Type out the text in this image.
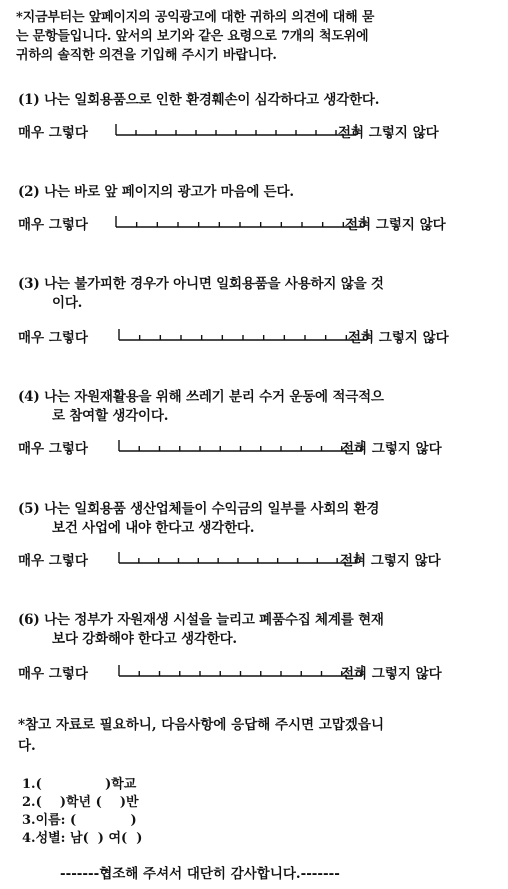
*지금부터는 앞페이지의 공익광고에 대한 귀하의 의견에 대해 묻
는 문항들입니다. 앞서의 보기와 같은 요령으로 7개의 척도위에
귀하의 솔직한 의견을 기입해 주시기 바랍니다.
(1) 나는 일회용품으로 인한 환경훼손이 심각하다고 생각한다.
매우 그렇다	전혀 그렇지 않다
(2) 나는 바로 앞 페이지의 광고가 마음에 든다.
매우 그렇다	전혀 그렇지 않다
(3) 나는 불가피한 경우가 아니면 일회용품을 사용하지 않을 것
이다.
매우 그렇다	전혀 그렇지 않다
(4) 나는 자원재활용을 위해 쓰레기 분리 수거 운동에 적극적으
로 참여할 생각이다.
매우 그렇다	전혀 그렇지 않다
(5) 나는 일회용품 생산업체들이 수익금의 일부를 사회의 환경
보건 사업에 내야 한다고 생각한다.
매우 그렇다	전혀 그렇지 않다
(6) 나는 정부가 자원재생 시설을 늘리고 폐품수집 체계를 현재
보다 강화해야 한다고 생각한다.
매우 그렇다	전혀 그렇지 않다
*참고 자료로 필요하니, 다음사항에 응답해 주시면 고맙겠읍니
다.
1.(              )학교
2.(    )학년 (    )반
3.이름: (            )
4.성별: 남(  ) 여(  )
-------협조해 주셔서 대단히 감사합니다.-------
